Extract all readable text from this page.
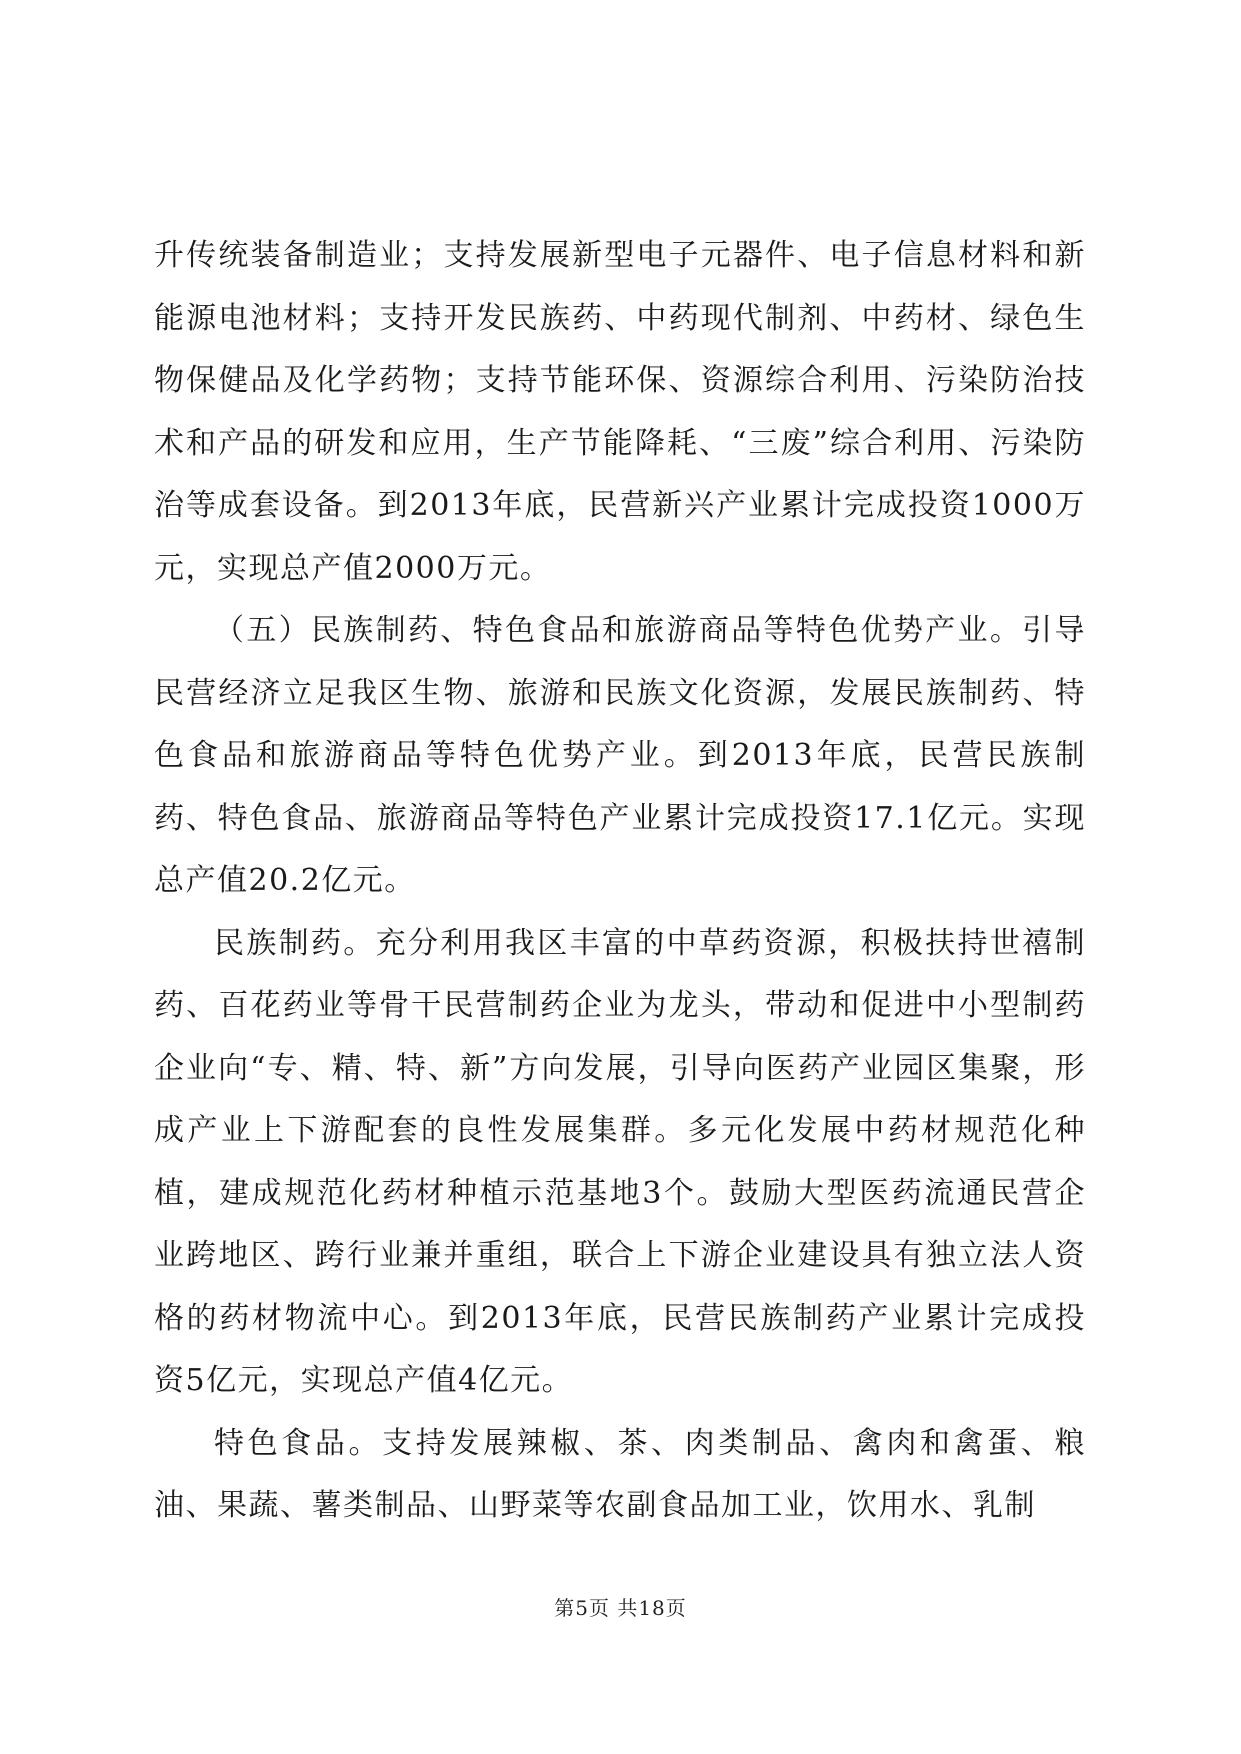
升传统装备制造业；支持发展新型电子元器件、电子信息材料和新能源电池材料；支持开发民族药、中药现代制剂、中药材、绿色生物保健品及化学药物；支持节能环保、资源综合利用、污染防治技术和产品的研发和应用，生产节能降耗、“三废”综合利用、污染防治等成套设备。到2013年底，民营新兴产业累计完成投资1000万元，实现总产值2000万元。

（五）民族制药、特色食品和旅游商品等特色优势产业。引导民营经济立足我区生物、旅游和民族文化资源，发展民族制药、特色食品和旅游商品等特色优势产业。到2013年底，民营民族制药、特色食品、旅游商品等特色产业累计完成投资17.1亿元。实现总产值20.2亿元。

民族制药。充分利用我区丰富的中草药资源，积极扶持世禧制药、百花药业等骨干民营制药企业为龙头，带动和促进中小型制药企业向“专、精、特、新”方向发展，引导向医药产业园区集聚，形成产业上下游配套的良性发展集群。多元化发展中药材规范化种植，建成规范化药材种植示范基地3个。鼓励大型医药流通民营企业跨地区、跨行业兼并重组，联合上下游企业建设具有独立法人资格的药材物流中心。到2013年底，民营民族制药产业累计完成投资5亿元，实现总产值4亿元。

特色食品。支持发展辣椒、茶、肉类制品、禽肉和禽蛋、粮油、果蔬、薯类制品、山野菜等农副食品加工业，饮用水、乳制

第5页 共18页
